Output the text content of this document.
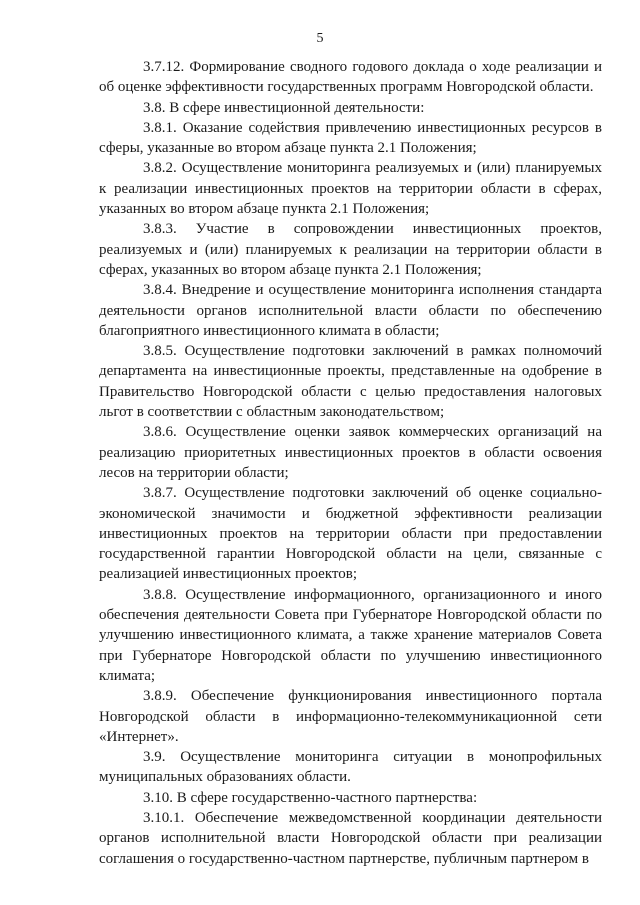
5

3.7.12. Формирование сводного годового доклада о ходе реализации и об оценке эффективности государственных программ Новгородской области.

3.8. В сфере инвестиционной деятельности:

3.8.1. Оказание содействия привлечению инвестиционных ресурсов в сферы, указанные во втором абзаце пункта 2.1 Положения;

3.8.2. Осуществление мониторинга реализуемых и (или) планируемых к реализации инвестиционных проектов на территории области в сферах, указанных во втором абзаце пункта 2.1 Положения;

3.8.3. Участие в сопровождении инвестиционных проектов, реализуемых и (или) планируемых к реализации на территории области в сферах, указанных во втором абзаце пункта 2.1 Положения;

3.8.4. Внедрение и осуществление мониторинга исполнения стандарта деятельности органов исполнительной власти области по обеспечению благоприятного инвестиционного климата в области;

3.8.5. Осуществление подготовки заключений в рамках полномочий департамента на инвестиционные проекты, представленные на одобрение в Правительство Новгородской области с целью предоставления налоговых льгот в соответствии с областным законодательством;

3.8.6. Осуществление оценки заявок коммерческих организаций на реализацию приоритетных инвестиционных проектов в области освоения лесов на территории области;

3.8.7. Осуществление подготовки заключений об оценке социально-экономической значимости и бюджетной эффективности реализации инвестиционных проектов на территории области при предоставлении государственной гарантии Новгородской области на цели, связанные с реализацией инвестиционных проектов;

3.8.8. Осуществление информационного, организационного и иного обеспечения деятельности Совета при Губернаторе Новгородской области по улучшению инвестиционного климата, а также хранение материалов Совета при Губернаторе Новгородской области по улучшению инвестиционного климата;

3.8.9. Обеспечение функционирования инвестиционного портала Новгородской области в информационно-телекоммуникационной сети «Интернет».

3.9. Осуществление мониторинга ситуации в монопрофильных муниципальных образованиях области.

3.10. В сфере государственно-частного партнерства:

3.10.1. Обеспечение межведомственной координации деятельности органов исполнительной власти Новгородской области при реализации соглашения о государственно-частном партнерстве, публичным партнером в
